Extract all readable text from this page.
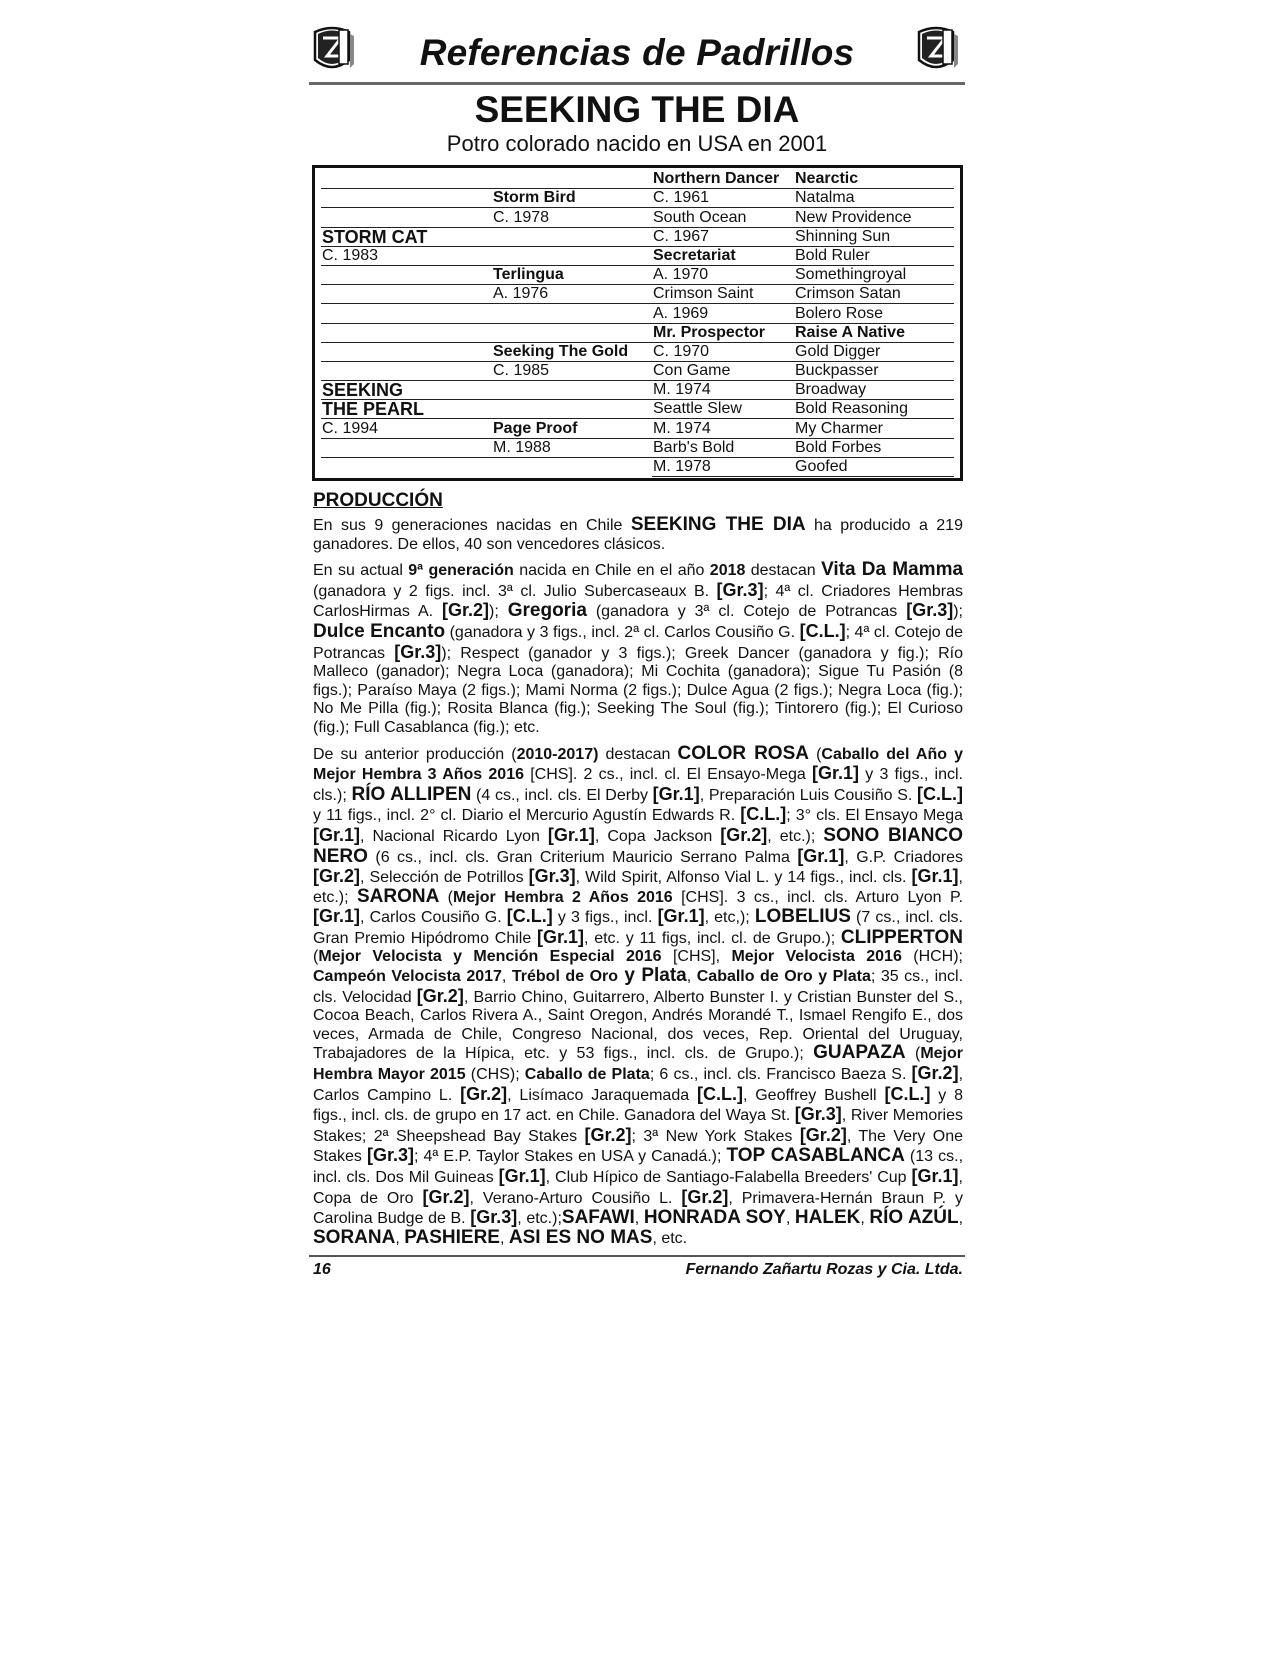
Referencias de Padrillos
SEEKING THE DIA
Potro colorado nacido en USA en 2001
		Northern Dancer	Nearctic
	Storm Bird	C. 1961	Natalma
	C. 1978	South Ocean	New Providence
STORM CAT		C. 1967	Shinning Sun
C. 1983		Secretariat	Bold Ruler
	Terlingua	A. 1970	Somethingroyal
	A. 1976	Crimson Saint	Crimson Satan
		A. 1969	Bolero Rose
		Mr. Prospector	Raise A Native
	Seeking The Gold	C. 1970	Gold Digger
	C. 1985	Con Game	Buckpasser
SEEKING		M. 1974	Broadway
THE PEARL		Seattle Slew	Bold Reasoning
C. 1994	Page Proof	M. 1974	My Charmer
	M. 1988	Barb's Bold	Bold Forbes
		M. 1978	Goofed
PRODUCCIÓN

En sus 9 generaciones nacidas en Chile SEEKING THE DIA ha producido a 219 ganadores. De ellos, 40 son vencedores clásicos.

En su actual 9ª generación nacida en Chile en el año 2018 destacan Vita Da Mamma (ganadora y 2 figs. incl. 3ª cl. Julio Subercaseaux B. [Gr.3]; 4ª cl. Criadores Hembras CarlosHirmas A. [Gr.2]); Gregoria (ganadora y 3ª cl. Cotejo de Potrancas [Gr.3]); Dulce Encanto (ganadora y 3 figs., incl. 2ª cl. Carlos Cousiño G. [C.L.]; 4ª cl. Cotejo de Potrancas [Gr.3]); Respect (ganador y 3 figs.); Greek Dancer (ganadora y fig.); Río Malleco (ganador); Negra Loca (ganadora); Mi Cochita (ganadora); Sigue Tu Pasión (8 figs.); Paraíso Maya (2 figs.); Mami Norma (2 figs.); Dulce Agua (2 figs.); Negra Loca (fig.); No Me Pilla (fig.); Rosita Blanca (fig.); Seeking The Soul (fig.); Tintorero (fig.); El Curioso (fig.); Full Casablanca (fig.); etc.

De su anterior producción (2010-2017) destacan COLOR ROSA (Caballo del Año y Mejor Hembra 3 Años 2016 [CHS]. 2 cs., incl. cl. El Ensayo-Mega [Gr.1] y 3 figs., incl. cls.); RÍO ALLIPEN (4 cs., incl. cls. El Derby [Gr.1], Preparación Luis Cousiño S. [C.L.] y 11 figs., incl. 2° cl. Diario el Mercurio Agustín Edwards R. [C.L.]; 3° cls. El Ensayo Mega [Gr.1], Nacional Ricardo Lyon [Gr.1], Copa Jackson [Gr.2], etc.); SONO BIANCO NERO (6 cs., incl. cls. Gran Criterium Mauricio Serrano Palma [Gr.1], G.P. Criadores [Gr.2], Selección de Potrillos [Gr.3], Wild Spirit, Alfonso Vial L. y 14 figs., incl. cls. [Gr.1], etc.); SARONA (Mejor Hembra 2 Años 2016 [CHS]. 3 cs., incl. cls. Arturo Lyon P. [Gr.1], Carlos Cousiño G. [C.L.] y 3 figs., incl. [Gr.1], etc,); LOBELIUS (7 cs., incl. cls. Gran Premio Hipódromo Chile [Gr.1], etc. y 11 figs, incl. cl. de Grupo.); CLIPPERTON (Mejor Velocista y Mención Especial 2016 [CHS], Mejor Velocista 2016 (HCH); Campeón Velocista 2017, Trébol de Oro y Plata, Caballo de Oro y Plata; 35 cs., incl. cls. Velocidad [Gr.2], Barrio Chino, Guitarrero, Alberto Bunster I. y Cristian Bunster del S., Cocoa Beach, Carlos Rivera A., Saint Oregon, Andrés Morandé T., Ismael Rengifo E., dos veces, Armada de Chile, Congreso Nacional, dos veces, Rep. Oriental del Uruguay, Trabajadores de la Hípica, etc. y 53 figs., incl. cls. de Grupo.); GUAPAZA (Mejor Hembra Mayor 2015 (CHS); Caballo de Plata; 6 cs., incl. cls. Francisco Baeza S. [Gr.2], Carlos Campino L. [Gr.2], Lisímaco Jaraquemada [C.L.], Geoffrey Bushell [C.L.] y 8 figs., incl. cls. de grupo en 17 act. en Chile. Ganadora del Waya St. [Gr.3], River Memories Stakes; 2ª Sheepshead Bay Stakes [Gr.2]; 3ª New York Stakes [Gr.2], The Very One Stakes [Gr.3]; 4ª E.P. Taylor Stakes en USA y Canadá.); TOP CASABLANCA (13 cs., incl. cls. Dos Mil Guineas [Gr.1], Club Hípico de Santiago-Falabella Breeders' Cup [Gr.1], Copa de Oro [Gr.2], Verano-Arturo Cousiño L. [Gr.2], Primavera-Hernán Braun P. y Carolina Budge de B. [Gr.3], etc.);SAFAWI, HONRADA SOY, HALEK, RÍO AZÚL, SORANA, PASHIERE, ASI ES NO MAS, etc.

16	Fernando Zañartu Rozas y Cia. Ltda.
